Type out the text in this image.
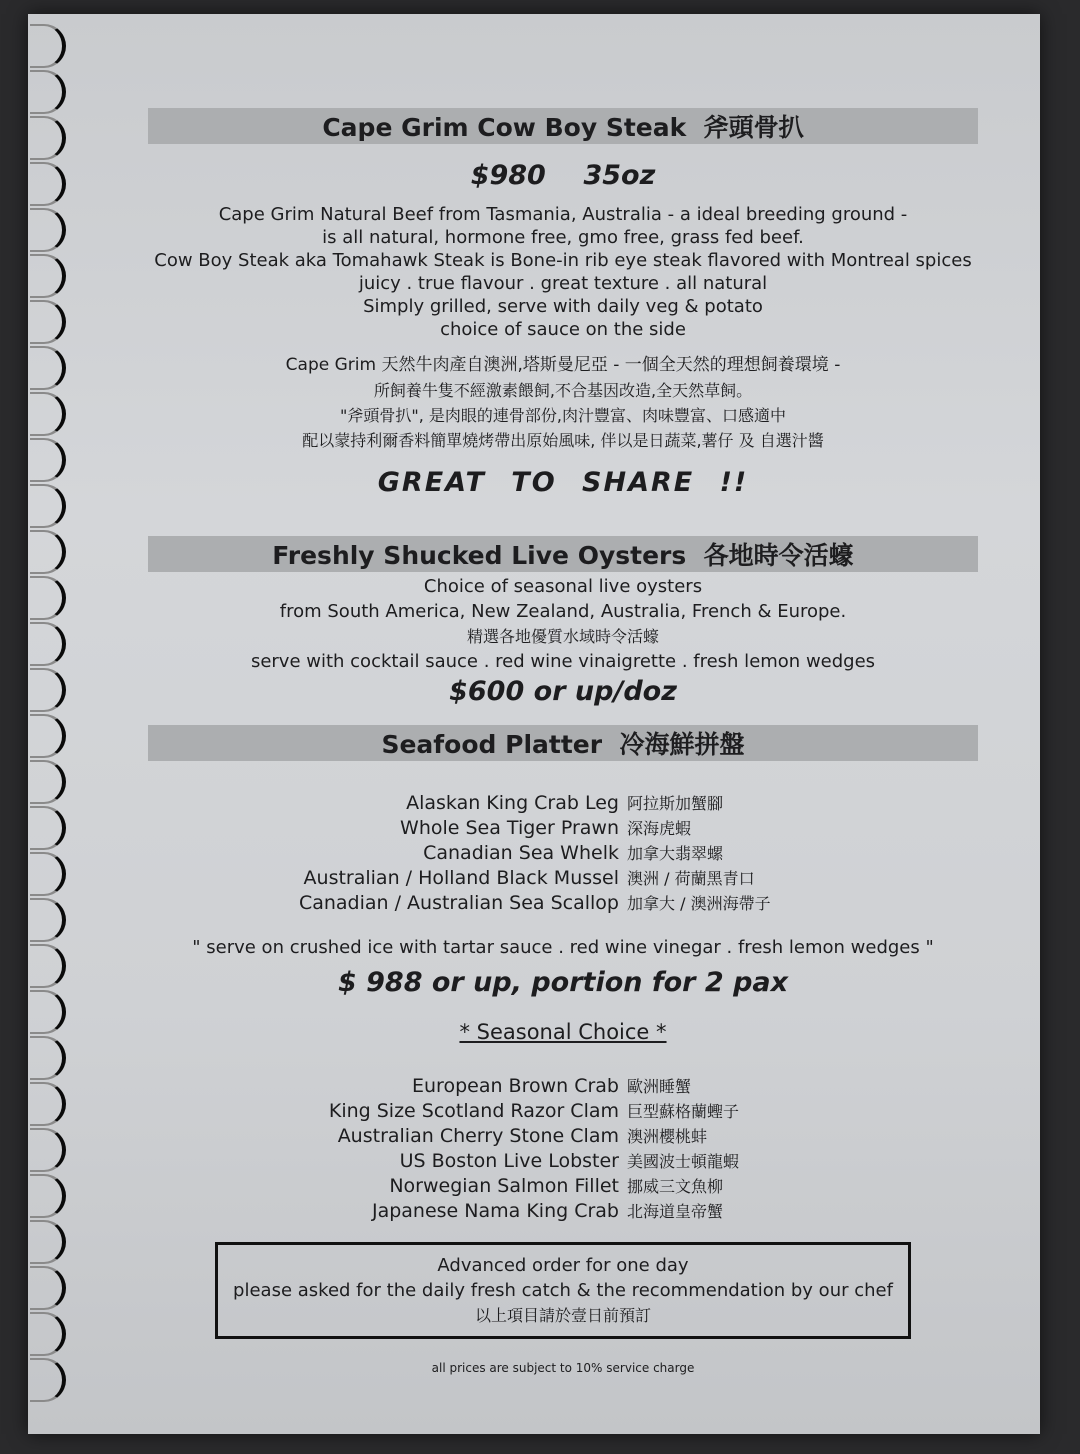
Cape Grim Cow Boy Steak 斧頭骨扒
$980 35oz
Cape Grim Natural Beef from Tasmania, Australia - a ideal breeding ground -
is all natural, hormone free, gmo free, grass fed beef.
Cow Boy Steak aka Tomahawk Steak is Bone-in rib eye steak flavored with Montreal spices
juicy . true flavour . great texture . all natural
Simply grilled, serve with daily veg & potato
choice of sauce on the side
Cape Grim 天然牛肉產自澳洲,塔斯曼尼亞 - 一個全天然的理想飼養環境 -
所飼養牛隻不經激素餵飼,不合基因改造,全天然草飼。
"斧頭骨扒", 是肉眼的連骨部份,肉汁豐富、肉味豐富、口感適中
配以蒙持利爾香料簡單燒烤帶出原始風味, 伴以是日蔬菜,薯仔 及 自選汁醬
GREAT TO SHARE !!
Freshly Shucked Live Oysters 各地時令活蠔
Choice of seasonal live oysters
from South America, New Zealand, Australia, French & Europe.
精選各地優質水域時令活蠔
serve with cocktail sauce . red wine vinaigrette . fresh lemon wedges
$600 or up/doz
Seafood Platter 冷海鮮拼盤
Alaskan King Crab Leg 阿拉斯加蟹腳
Whole Sea Tiger Prawn 深海虎蝦
Canadian Sea Whelk 加拿大翡翠螺
Australian / Holland Black Mussel 澳洲 / 荷蘭黑青口
Canadian / Australian Sea Scallop 加拿大 / 澳洲海帶子
" serve on crushed ice with tartar sauce . red wine vinegar . fresh lemon wedges "
$ 988 or up, portion for 2 pax
* Seasonal Choice *
European Brown Crab 歐洲睡蟹
King Size Scotland Razor Clam 巨型蘇格蘭蟶子
Australian Cherry Stone Clam 澳洲櫻桃蚌
US Boston Live Lobster 美國波士頓龍蝦
Norwegian Salmon Fillet 挪威三文魚柳
Japanese Nama King Crab 北海道皇帝蟹
Advanced order for one day
please asked for the daily fresh catch & the recommendation by our chef
以上項目請於壹日前預訂
all prices are subject to 10% service charge
